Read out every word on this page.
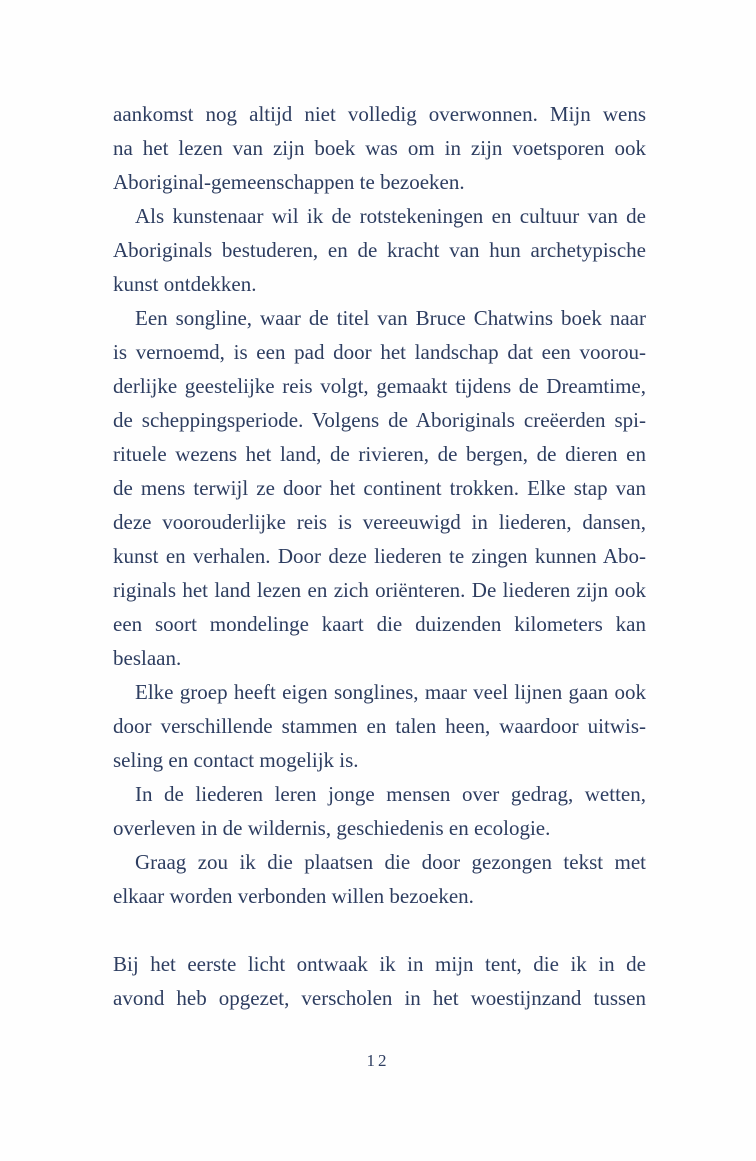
aankomst nog altijd niet volledig overwonnen. Mijn wens
na het lezen van zijn boek was om in zijn voetsporen ook
Aboriginal-gemeenschappen te bezoeken.
Als kunstenaar wil ik de rotstekeningen en cultuur van de
Aboriginals bestuderen, en de kracht van hun archetypische
kunst ontdekken.
Een songline, waar de titel van Bruce Chatwins boek naar
is vernoemd, is een pad door het landschap dat een voorou-
derlijke geestelijke reis volgt, gemaakt tijdens de Dreamtime,
de scheppingsperiode. Volgens de Aboriginals creëerden spi-
rituele wezens het land, de rivieren, de bergen, de dieren en
de mens terwijl ze door het continent trokken. Elke stap van
deze voorouderlijke reis is vereeuwigd in liederen, dansen,
kunst en verhalen. Door deze liederen te zingen kunnen Abo-
riginals het land lezen en zich oriënteren. De liederen zijn ook
een soort mondelinge kaart die duizenden kilometers kan
beslaan.
Elke groep heeft eigen songlines, maar veel lijnen gaan ook
door verschillende stammen en talen heen, waardoor uitwis-
seling en contact mogelijk is.
In de liederen leren jonge mensen over gedrag, wetten,
overleven in de wildernis, geschiedenis en ecologie.
Graag zou ik die plaatsen die door gezongen tekst met
elkaar worden verbonden willen bezoeken.
Bij het eerste licht ontwaak ik in mijn tent, die ik in de
avond heb opgezet, verscholen in het woestijnzand tussen
12
